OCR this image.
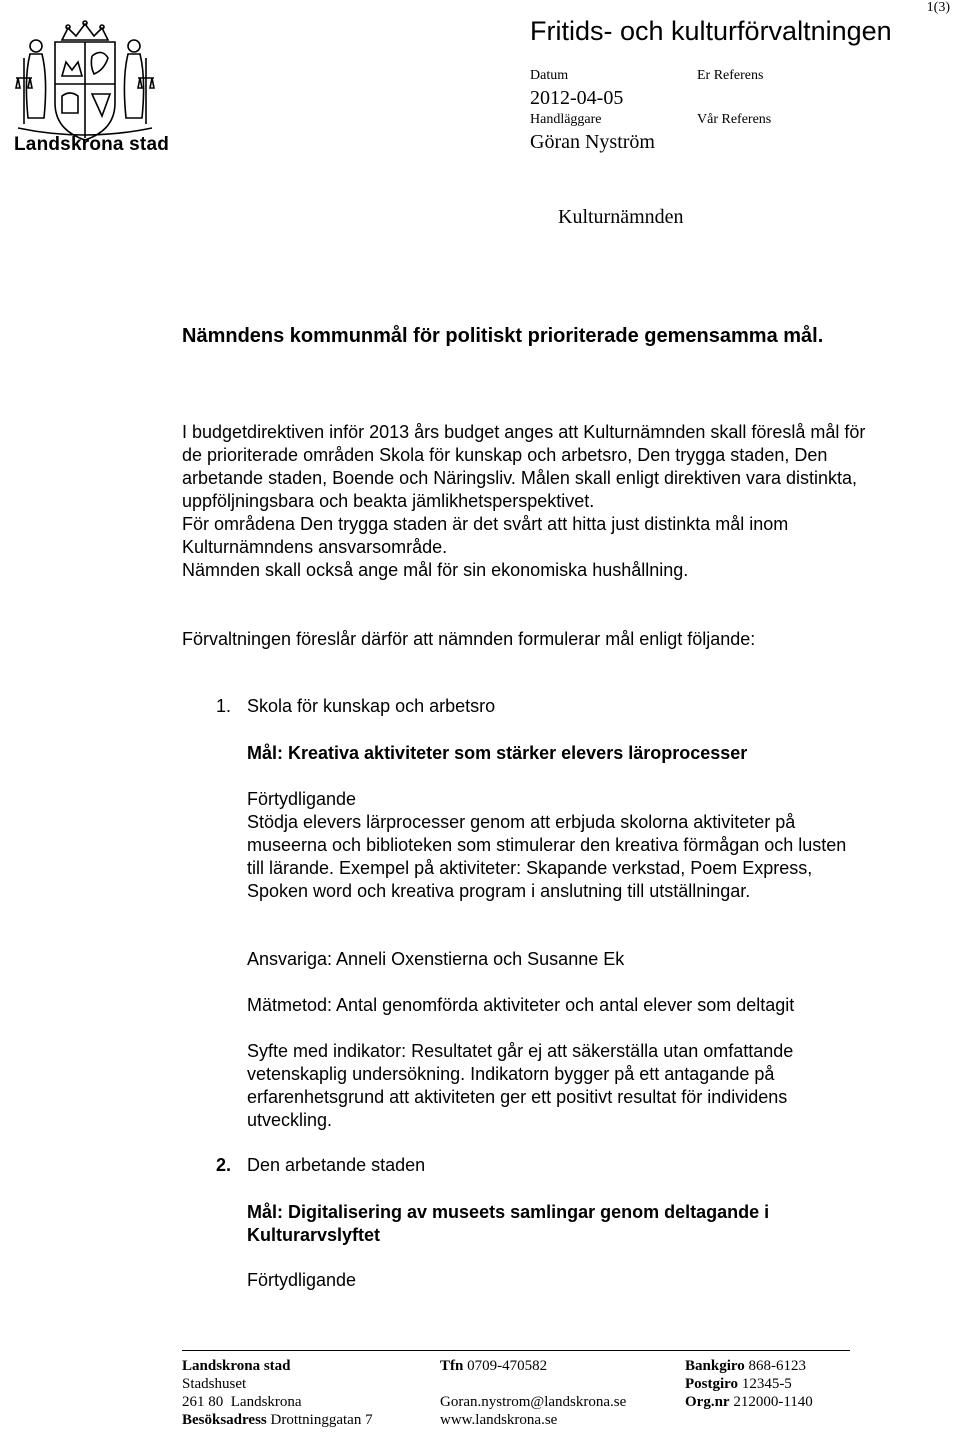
Landskrona stad
1(3)
Fritids- och kulturförvaltningen
Datum
2012-04-05
Handläggare
Göran Nyström
Er Referens
Vår Referens
Kulturnämnden
Nämndens kommunmål för politiskt prioriterade gemensamma mål.
I budgetdirektiven inför 2013 års budget anges att Kulturnämnden skall föreslå mål för de prioriterade områden Skola för kunskap och arbetsro, Den trygga staden, Den arbetande staden, Boende och Näringsliv. Målen skall enligt direktiven vara distinkta, uppföljningsbara och beakta jämlikhetsperspektivet.
För områdena Den trygga staden är det svårt att hitta just distinkta mål inom Kulturnämndens ansvarsområde.
Nämnden skall också ange mål för sin ekonomiska hushållning.
Förvaltningen föreslår därför att nämnden formulerar mål enligt följande:
1. Skola för kunskap och arbetsro
Mål: Kreativa aktiviteter som stärker elevers läroprocesser
Förtydligande
Stödja elevers lärprocesser genom att erbjuda skolorna aktiviteter på museerna och biblioteken som stimulerar den kreativa förmågan och lusten till lärande. Exempel på aktiviteter: Skapande verkstad, Poem Express, Spoken word och kreativa program i anslutning till utställningar.
Ansvariga: Anneli Oxenstierna och Susanne Ek
Mätmetod: Antal genomförda aktiviteter och antal elever som deltagit
Syfte med indikator: Resultatet går ej att säkerställa utan omfattande vetenskaplig undersökning. Indikatorn bygger på ett antagande på erfarenhetsgrund att aktiviteten ger ett positivt resultat för individens utveckling.
2. Den arbetande staden
Mål: Digitalisering av museets samlingar genom deltagande i Kulturarvslyftet
Förtydligande
Landskrona stad
Stadshuset
261 80  Landskrona
Besöksadress Drottninggatan 7
Tfn 0709-470582

Goran.nystrom@landskrona.se
www.landskrona.se
Bankgiro 868-6123
Postgiro 12345-5
Org.nr 212000-1140
